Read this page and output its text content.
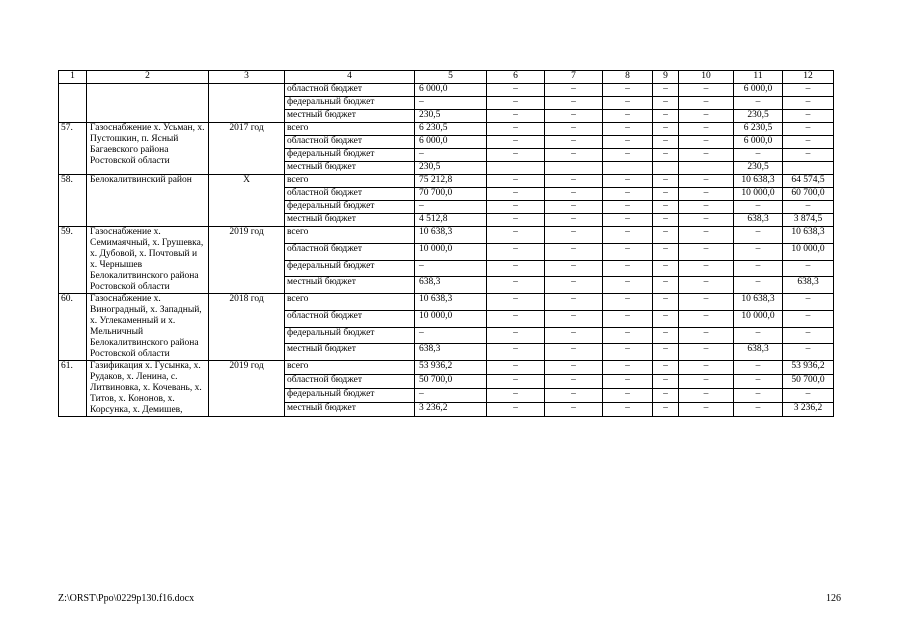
1	2	3	4	5	6	7	8	9	10	11	12
			областной бюджет	6 000,0	–	–	–	–	–	6 000,0	–
			федеральный бюджет	–	–	–	–	–	–	–	–
			местный бюджет	230,5	–	–	–	–	–	230,5	–
57.	Газоснабжение х. Усьман, х. Пустошкин, п. Ясный Багаевского района Ростовской области	2017 год	всего	6 230,5	–	–	–	–	–	6 230,5	–
			областной бюджет	6 000,0	–	–	–	–	–	6 000,0	–
			федеральный бюджет	–	–	–	–	–	–	–	–
			местный бюджет	230,5						230,5	
58.	Белокалитвинский район	Х	всего	75 212,8	–	–	–	–	–	10 638,3	64 574,5
			областной бюджет	70 700,0	–	–	–	–	–	10 000,0	60 700,0
			федеральный бюджет	–	–	–	–	–	–	–	–
			местный бюджет	4 512,8	–	–	–	–	–	638,3	3 874,5
59.	Газоснабжение х. Семимаячный, х. Грушевка, х. Дубовой, х. Почтовый и х. Чернышев Белокалитвинского района Ростовской области	2019 год	всего	10 638,3	–	–	–	–	–	–	10 638,3
			областной бюджет	10 000,0	–	–	–	–	–	–	10 000,0
			федеральный бюджет	–	–	–	–	–	–	–	–
			местный бюджет	638,3	–	–	–	–	–	–	638,3
60.	Газоснабжение х. Виноградный, х. Западный, х. Углекаменный и х. Мельничный Белокалитвинского района Ростовской области	2018 год	всего	10 638,3	–	–	–	–	–	10 638,3	–
			областной бюджет	10 000,0	–	–	–	–	–	10 000,0	–
			федеральный бюджет	–	–	–	–	–	–	–	–
			местный бюджет	638,3	–	–	–	–	–	638,3	–
61.	Газификация х. Гусынка, х. Рудаков, х. Ленина, с. Литвиновка, х. Кочевань, х. Титов, х. Кононов, х. Корсунка, х. Демишев,	2019 год	всего	53 936,2	–	–	–	–	–	–	53 936,2
			областной бюджет	50 700,0	–	–	–	–	–	–	50 700,0
			федеральный бюджет	–	–	–	–	–	–	–	–
			местный бюджет	3 236,2	–	–	–	–	–	–	3 236,2
Z:\ORST\Ppo\0229p130.f16.docx	126
